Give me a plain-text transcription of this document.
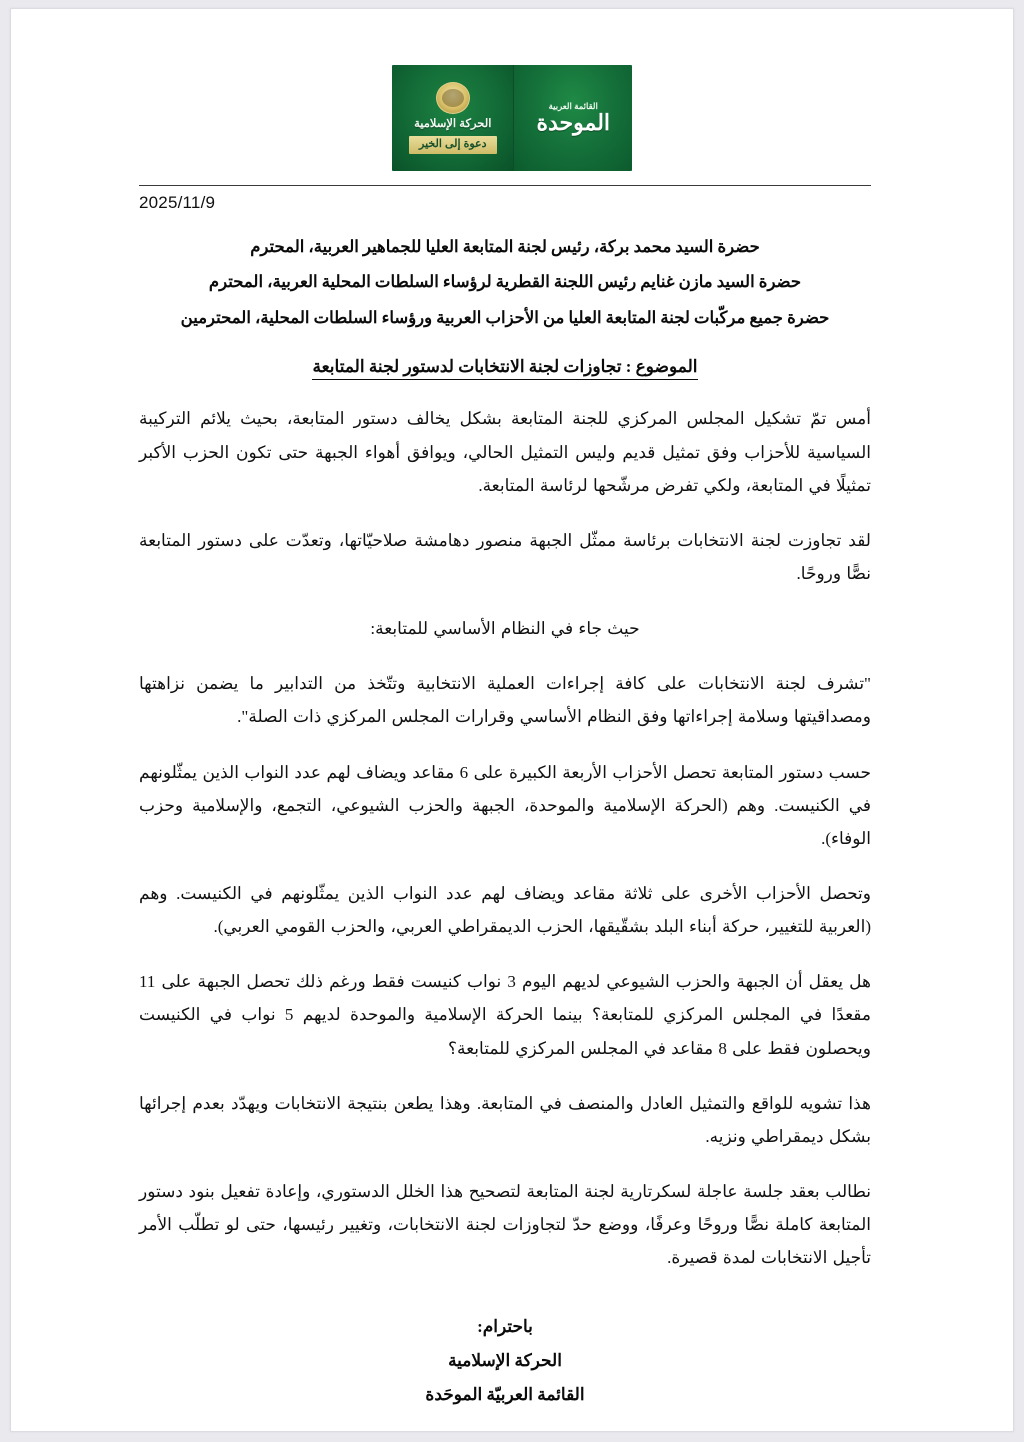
الحركة الإسلامية
دعوة إلى الخير
القائمة العربية
الموحدة
2025/11/9
حضرة السيد محمد بركة، رئيس لجنة المتابعة العليا للجماهير العربية، المحترم
حضرة السيد مازن غنايم رئيس اللجنة القطرية لرؤساء السلطات المحلية العربية، المحترم
حضرة جميع مركّبات لجنة المتابعة العليا من الأحزاب العربية ورؤساء السلطات المحلية، المحترمين
الموضوع : تجاوزات لجنة الانتخابات لدستور لجنة المتابعة

أمس تمّ تشكيل المجلس المركزي للجنة المتابعة بشكل يخالف دستور المتابعة، بحيث يلائم التركيبة السياسية للأحزاب وفق تمثيل قديم وليس التمثيل الحالي، ويوافق أهواء الجبهة حتى تكون الحزب الأكبر تمثيلًا في المتابعة، ولكي تفرض مرشّحها لرئاسة المتابعة.

لقد تجاوزت لجنة الانتخابات برئاسة ممثّل الجبهة منصور دهامشة صلاحيّاتها، وتعدّت على دستور المتابعة نصًّا وروحًا.

حيث جاء في النظام الأساسي للمتابعة:

"تشرف لجنة الانتخابات على كافة إجراءات العملية الانتخابية وتتّخذ من التدابير ما يضمن نزاهتها ومصداقيتها وسلامة إجراءاتها وفق النظام الأساسي وقرارات المجلس المركزي ذات الصلة".

حسب دستور المتابعة تحصل الأحزاب الأربعة الكبيرة على 6 مقاعد ويضاف لهم عدد النواب الذين يمثّلونهم في الكنيست. وهم (الحركة الإسلامية والموحدة، الجبهة والحزب الشيوعي، التجمع، والإسلامية وحزب الوفاء).

وتحصل الأحزاب الأخرى على ثلاثة مقاعد ويضاف لهم عدد النواب الذين يمثّلونهم في الكنيست. وهم (العربية للتغيير، حركة أبناء البلد بشقّيقها، الحزب الديمقراطي العربي، والحزب القومي العربي).

هل يعقل أن الجبهة والحزب الشيوعي لديهم اليوم 3 نواب كنيست فقط ورغم ذلك تحصل الجبهة على 11 مقعدًا في المجلس المركزي للمتابعة؟ بينما الحركة الإسلامية والموحدة لديهم 5 نواب في الكنيست ويحصلون فقط على 8 مقاعد في المجلس المركزي للمتابعة؟

هذا تشويه للواقع والتمثيل العادل والمنصف في المتابعة. وهذا يطعن بنتيجة الانتخابات ويهدّد بعدم إجرائها بشكل ديمقراطي ونزيه.

نطالب بعقد جلسة عاجلة لسكرتارية لجنة المتابعة لتصحيح هذا الخلل الدستوري، وإعادة تفعيل بنود دستور المتابعة كاملة نصًّا وروحًا وعرفًا، ووضع حدّ لتجاوزات لجنة الانتخابات، وتغيير رئيسها، حتى لو تطلّب الأمر تأجيل الانتخابات لمدة قصيرة.

باحترام:
الحركة الإسلامية
القائمة العربيّة الموحَدة
